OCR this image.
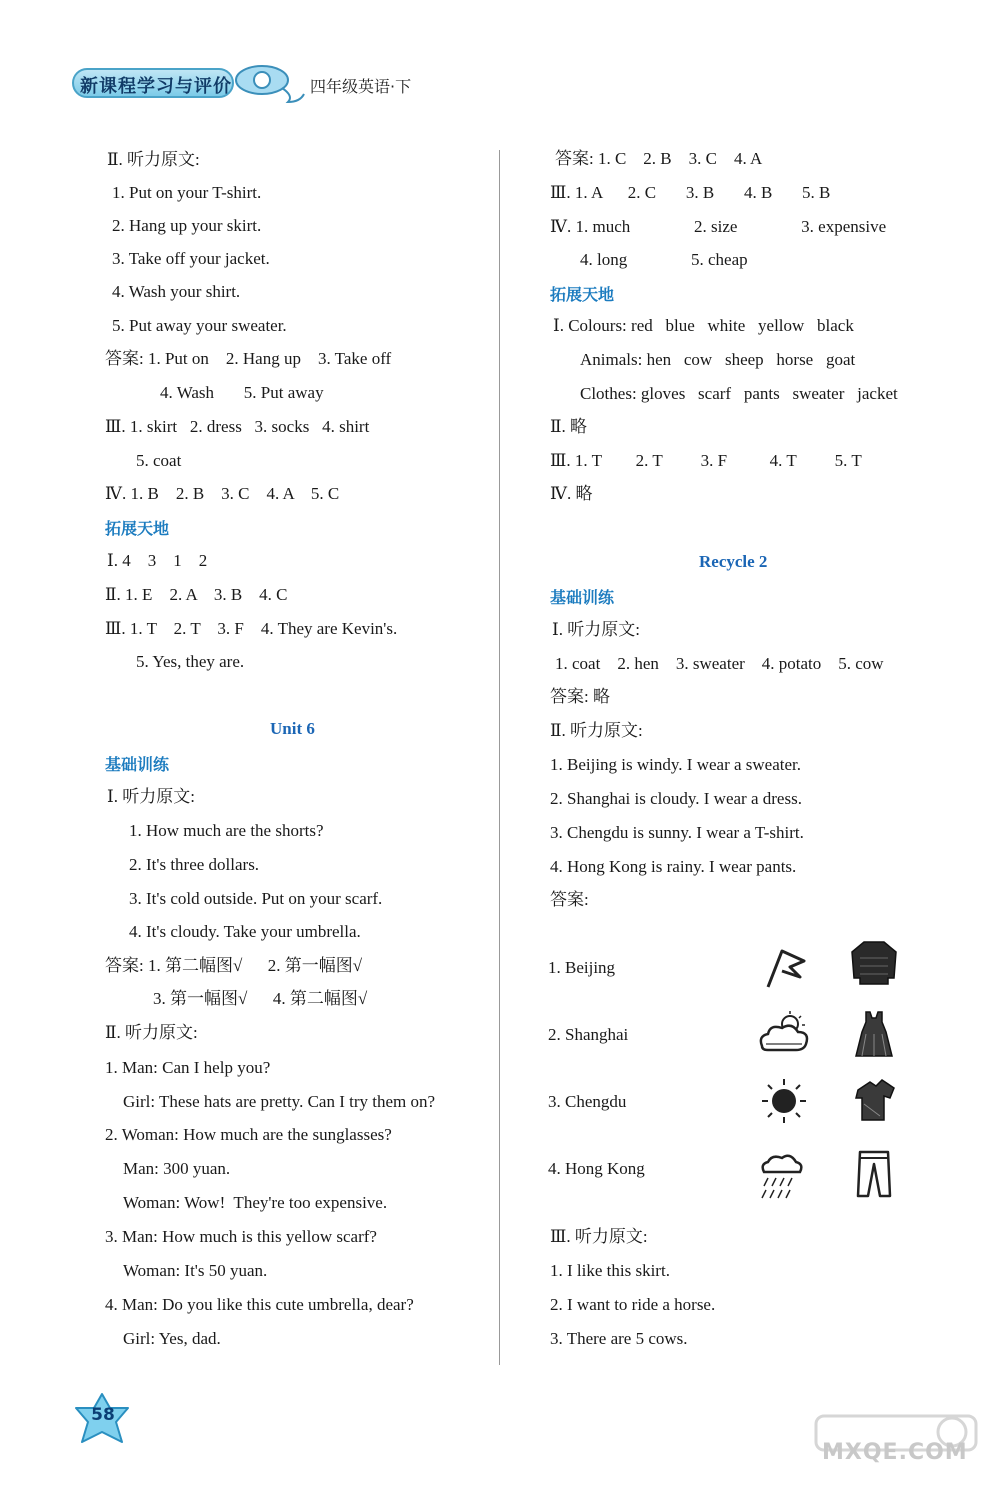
新课程学习与评价	四年级英语·下
Ⅱ. 听力原文:
1. Put on your T-shirt.
2. Hang up your skirt.
3. Take off your jacket.
4. Wash your shirt.
5. Put away your sweater.
答案: 1. Put on    2. Hang up    3. Take off
4. Wash       5. Put away
Ⅲ. 1. skirt   2. dress   3. socks   4. shirt
5. coat
Ⅳ. 1. B    2. B    3. C    4. A    5. C
拓展天地
Ⅰ. 4    3    1    2
Ⅱ. 1. E    2. A    3. B    4. C
Ⅲ. 1. T    2. T    3. F    4. They are Kevin's.
5. Yes, they are.
Unit 6
基础训练
Ⅰ. 听力原文:
1. How much are the shorts?
2. It's three dollars.
3. It's cold outside. Put on your scarf.
4. It's cloudy. Take your umbrella.
答案: 1. 第二幅图√      2. 第一幅图√
3. 第一幅图√      4. 第二幅图√
Ⅱ. 听力原文:
1. Man: Can I help you?
Girl: These hats are pretty. Can I try them on?
2. Woman: How much are the sunglasses?
Man: 300 yuan.
Woman: Wow!  They're too expensive.
3. Man: How much is this yellow scarf?
Woman: It's 50 yuan.
4. Man: Do you like this cute umbrella, dear?
Girl: Yes, dad.
答案: 1. C    2. B    3. C    4. A
Ⅲ. 1. A      2. C       3. B       4. B       5. B
Ⅳ. 1. much               2. size               3. expensive
4. long               5. cheap
拓展天地
Ⅰ. Colours: red   blue   white   yellow   black
Animals: hen   cow   sheep   horse   goat
Clothes: gloves   scarf   pants   sweater   jacket
Ⅱ. 略
Ⅲ. 1. T        2. T         3. F          4. T         5. T
Ⅳ. 略
Recycle 2
基础训练
Ⅰ. 听力原文:
1. coat    2. hen    3. sweater    4. potato    5. cow
答案: 略
Ⅱ. 听力原文:
1. Beijing is windy. I wear a sweater.
2. Shanghai is cloudy. I wear a dress.
3. Chengdu is sunny. I wear a T-shirt.
4. Hong Kong is rainy. I wear pants.
答案:
1. Beijing
2. Shanghai
3. Chengdu
4. Hong Kong
Ⅲ. 听力原文:
1. I like this skirt.
2. I want to ride a horse.
3. There are 5 cows.
58
MXQE.COM
